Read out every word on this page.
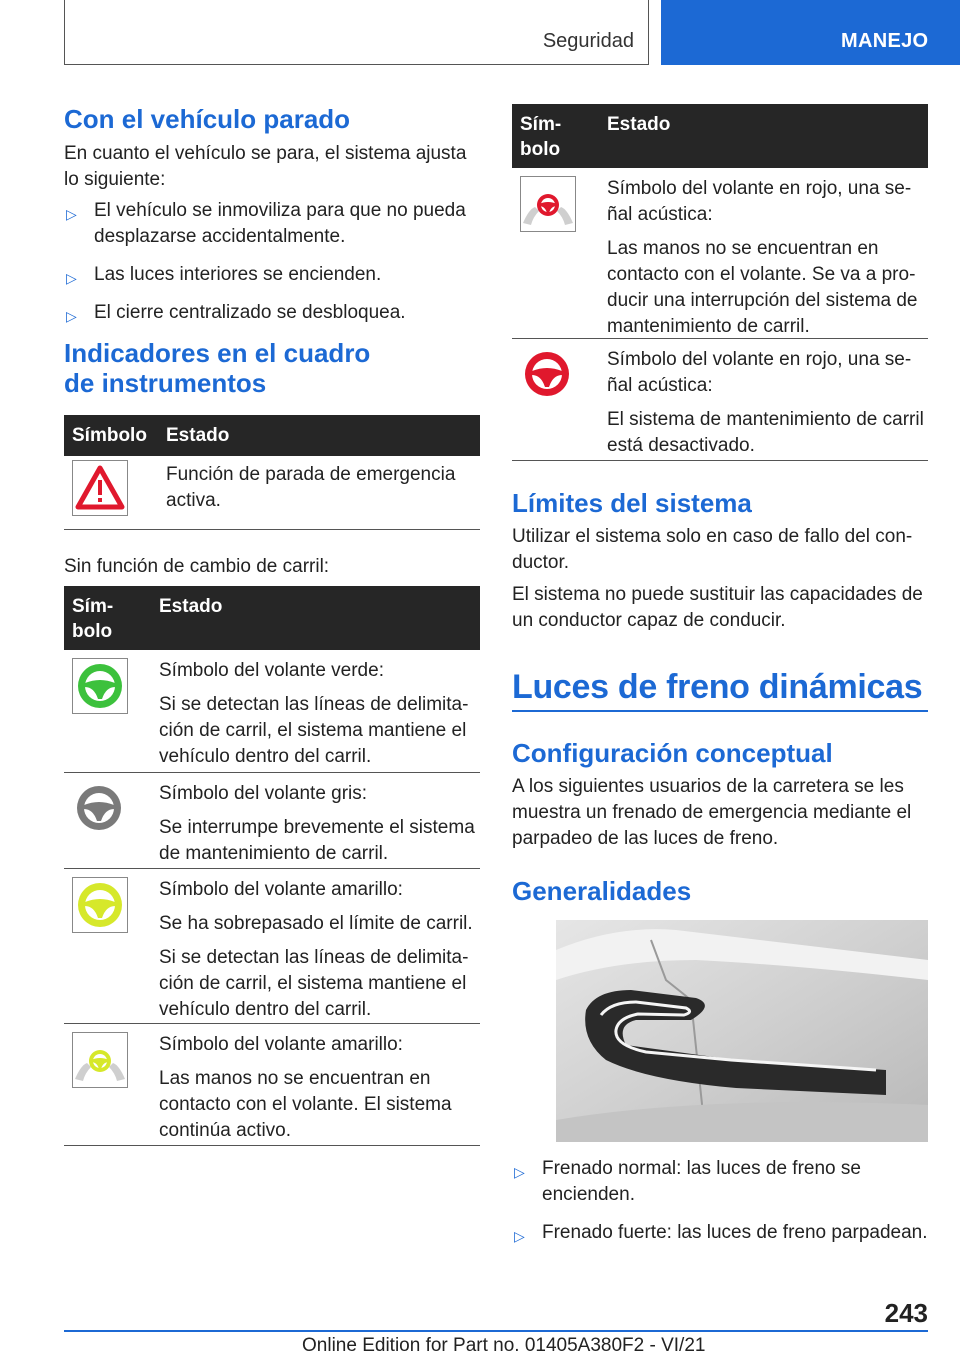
Seguridad	MANEJO
Con el vehículo parado

En cuanto el vehículo se para, el sistema ajusta lo siguiente:

▷ El vehículo se inmoviliza para que no pueda desplazarse accidentalmente.
▷ Las luces interiores se encienden.
▷ El cierre centralizado se desbloquea.
Indicadores en el cuadro
de instrumentos
Símbolo Estado
Función de parada de emergencia activa.

Sin función de cambio de carril:

Sím-
bolo
Estado

Símbolo del volante verde:

Si se detectan las líneas de delimitación de carril, el sistema mantiene el vehículo dentro del carril.

Símbolo del volante gris:

Se interrumpe brevemente el sistema de mantenimiento de carril.

Símbolo del volante amarillo:

Se ha sobrepasado el límite de carril.

Si se detectan las líneas de delimitación de carril, el sistema mantiene el vehículo dentro del carril.

Símbolo del volante amarillo:

Las manos no se encuentran en contacto con el volante. El sistema continúa activo.

Sím-
bolo
Estado

Símbolo del volante en rojo, una señal acústica:

Las manos no se encuentran en contacto con el volante. Se va a producir una interrupción del sistema de mantenimiento de carril.

Símbolo del volante en rojo, una señal acústica:

El sistema de mantenimiento de carril está desactivado.

Límites del sistema

Utilizar el sistema solo en caso de fallo del conductor.

El sistema no puede sustituir las capacidades de un conductor capaz de conducir.

Luces de freno dinámicas
Configuración conceptual

A los siguientes usuarios de la carretera se les muestra un frenado de emergencia mediante el parpadeo de las luces de freno.

Generalidades
▷ Frenado normal: las luces de freno se encienden.
▷ Frenado fuerte: las luces de freno parpadean.
243
Online Edition for Part no. 01405A380F2 - VI/21
